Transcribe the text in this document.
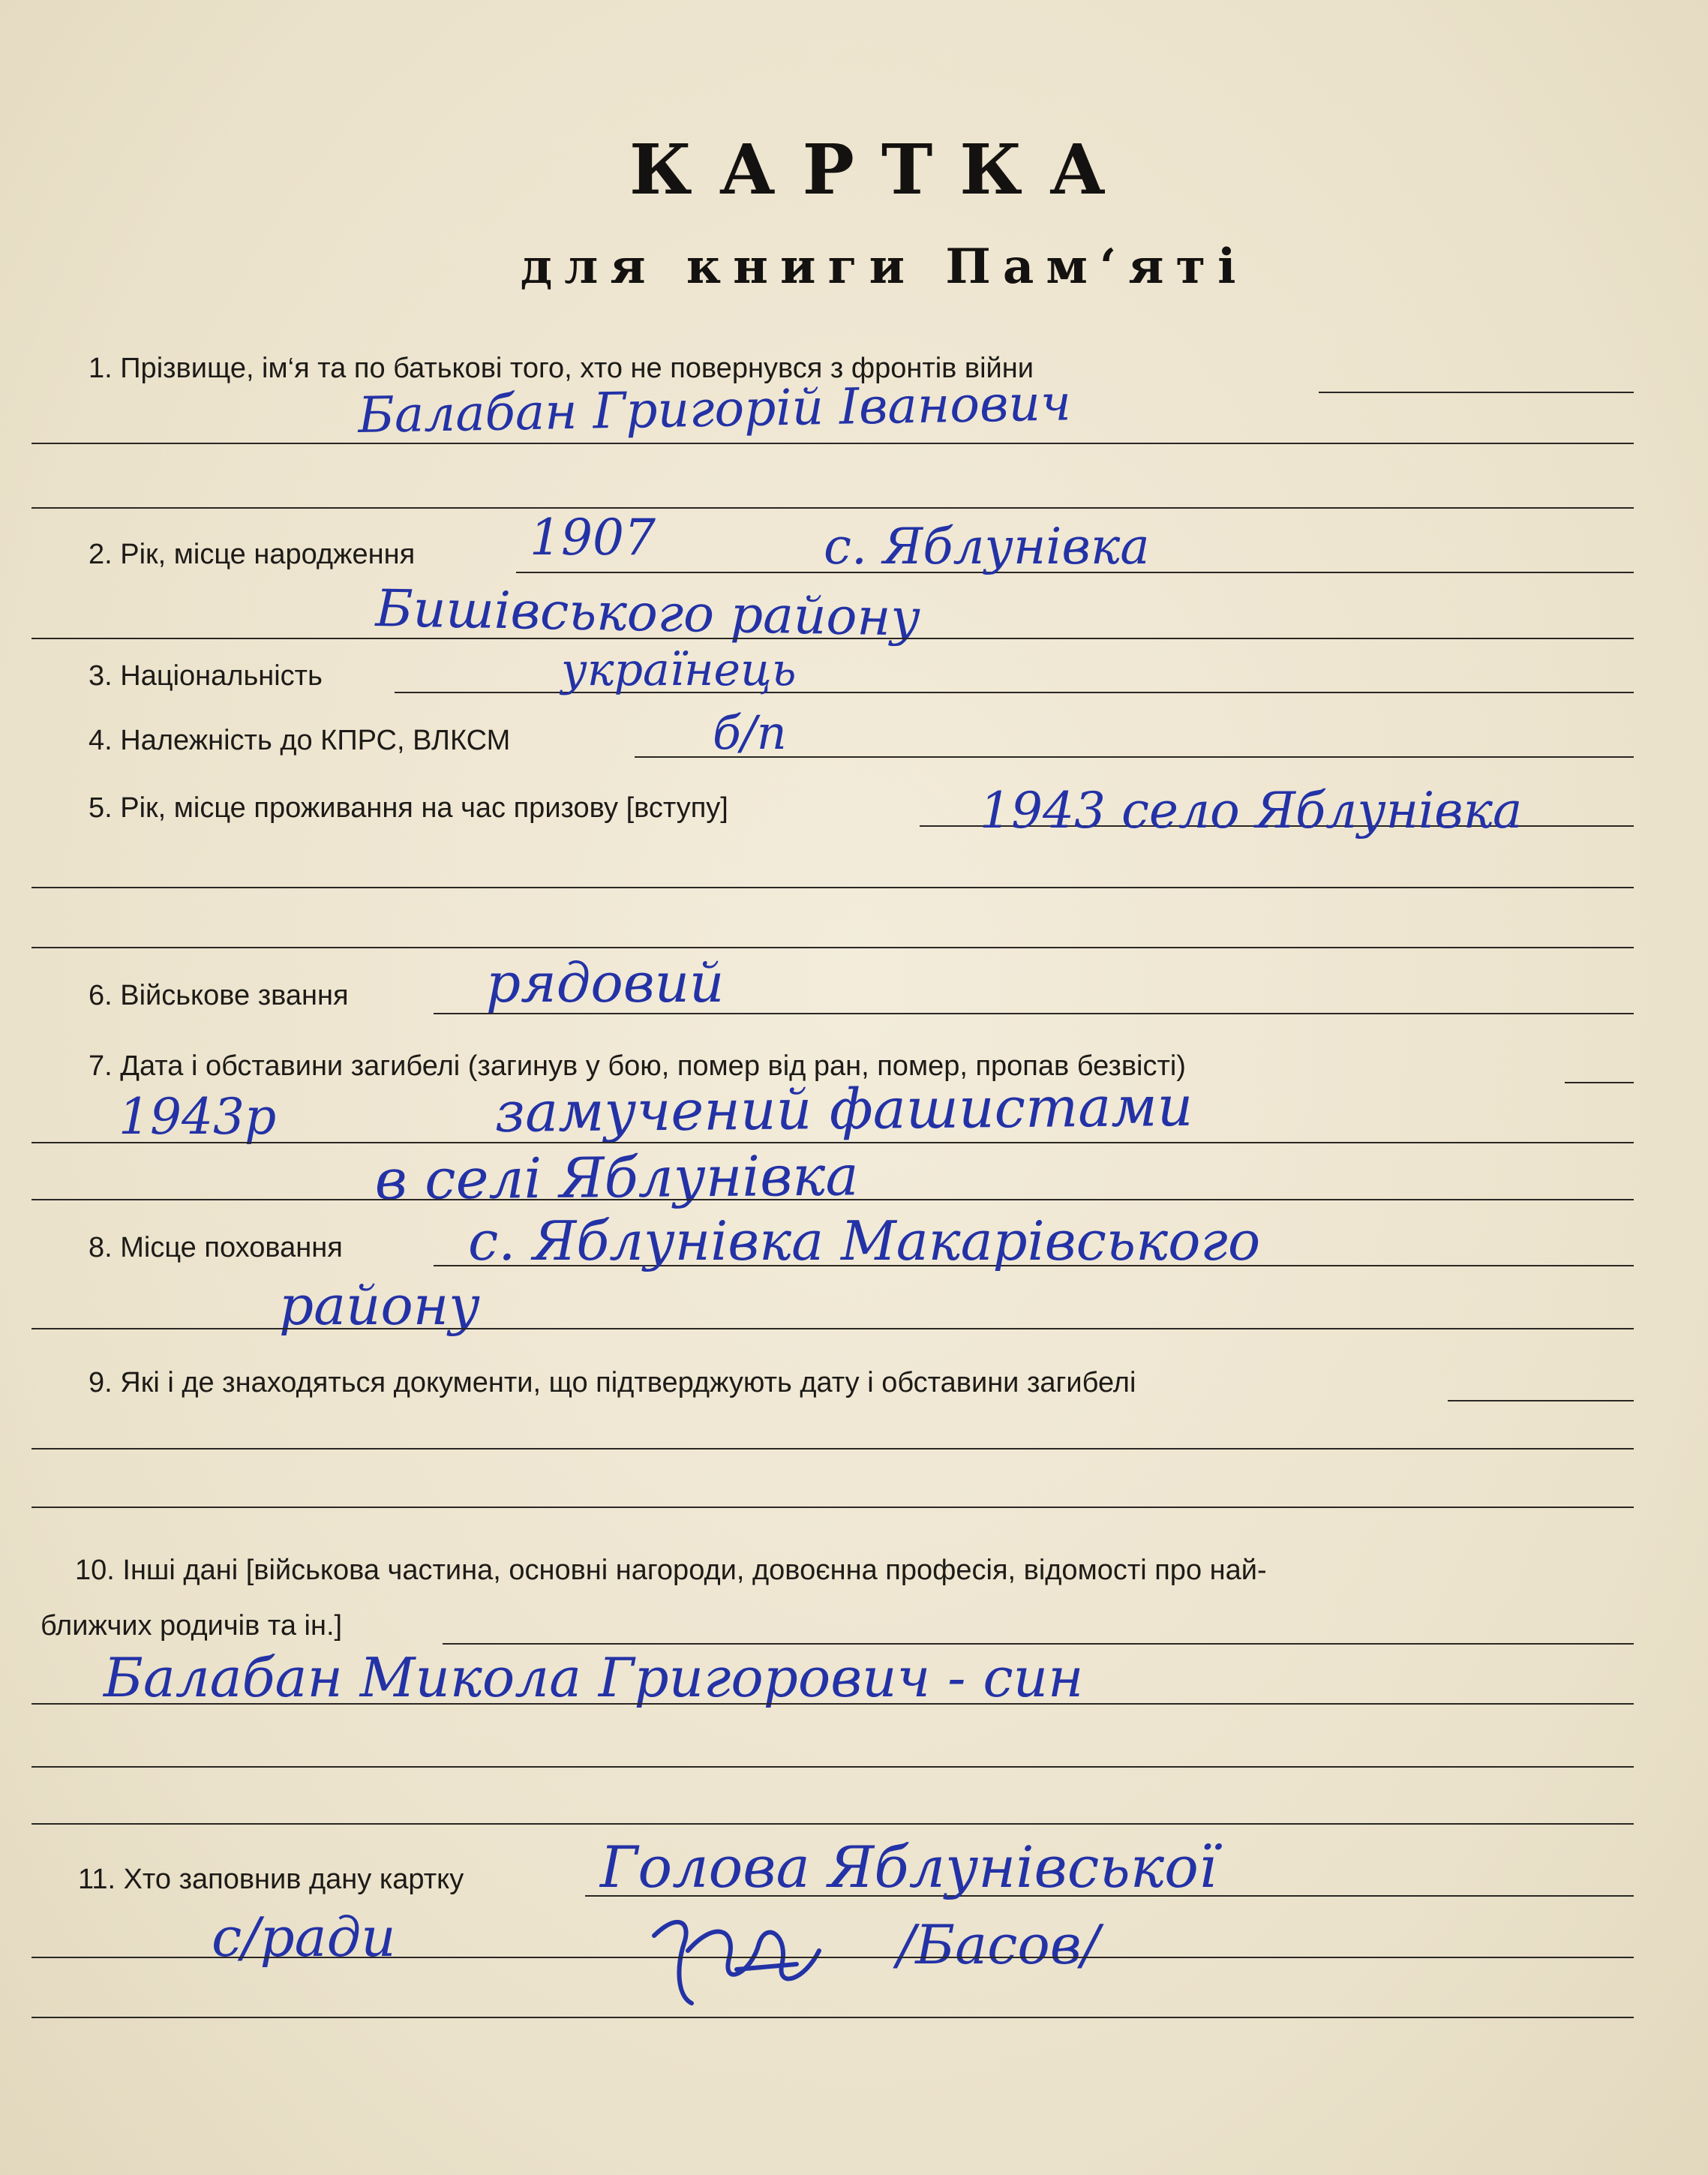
КАРТКА
для книги Пам‘яті
1. Прізвище, ім‘я та по батькові того, хто не повернувся з фронтів війни
Балабан Григорій Іванович
2. Рік, місце народження 1907	с. Яблунівка
Бишівського району
3. Національність	українець
4. Належність до КПРС, ВЛКСМ	б/п
5. Рік, місце проживання на час призову [вступу]	1943 село Яблунівка
6. Військове звання	рядовий
7. Дата і обставини загибелі (загинув у бою, помер від ран, помер, пропав безвісті)
1943р	замучений фашистами
в селі Яблунівка
8. Місце поховання с. Яблунівка Макарівського
району
9. Які і де знаходяться документи, що підтверджують дату і обставини загибелі
10. Інші дані [військова частина, основні нагороди, довоєнна професія, відомості про най-
ближчих родичів та ін.]
Балабан Микола Григорович - син
11. Хто заповнив дану картку Голова Яблунівської
с/ради	/Басов/
